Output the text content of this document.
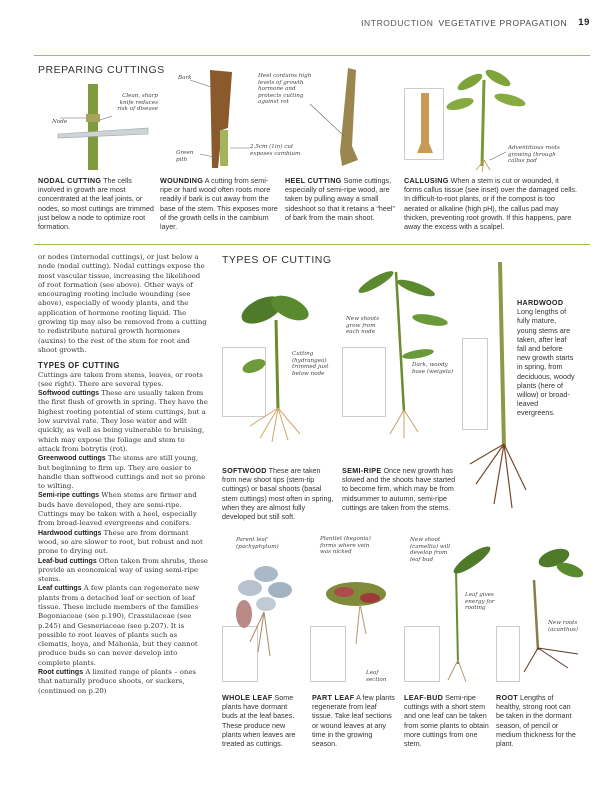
INTRODUCTION VEGETATIVE PROPAGATION 19
PREPARING CUTTINGS
Node
Clean, sharp knife reduces risk of disease
Bark
Green pith
2.5cm (1in) cut exposes cambium
Heel contains high levels of growth hormone and protects cutting against rot
Adventitious roots growing through callus pad
NODAL CUTTING The cells involved in growth are most concentrated at the leaf joints, or nodes, so most cuttings are trimmed just below a node to optimize root formation.
WOUNDING A cutting from semi-ripe or hard wood often roots more readily if bark is cut away from the base of the stem. This exposes more of the growth cells in the cambium layer.
HEEL CUTTING Some cuttings, especially of semi-ripe wood, are taken by pulling away a small sideshoot so that it retains a “heel” of bark from the main shoot.
CALLUSING When a stem is cut or wounded, it forms callus tissue (see inset) over the damaged cells. In difficult-to-root plants, or if the compost is too aerated or alkaline (high pH), the callus pad may thicken, preventing root growth. If this happens, pare away the excess with a scalpel.

or nodes (internodal cuttings), or just below a node (nodal cutting). Nodal cuttings expose the most vascular tissue, increasing the likelihood of root formation (see above). Other ways of encouraging rooting include wounding (see above), especially of woody plants, and the application of hormone rooting liquid. The growing tip may also be removed from a cutting to redistribute natural growth hormones (auxins) to the rest of the stem for root and shoot growth.

TYPES OF CUTTING

Cuttings are taken from stems, leaves, or roots (see right). There are several types.

Softwood cuttings These are usually taken from the first flush of growth in spring. They have the highest rooting potential of stem cuttings, but a low survival rate. They lose water and wilt quickly, as well as being vulnerable to bruising, which may expose the foliage and stem to attack from botrytis (rot).

Greenwood cuttings The stems are still young, but beginning to firm up. They are easier to handle than softwood cuttings and not so prone to wilting.

Semi-ripe cuttings When stems are firmer and buds have developed, they are semi-ripe. Cuttings may be taken with a heel, especially from broad-leaved evergreens and conifers.

Hardwood cuttings These are from dormant wood, so are slower to root, but robust and not prone to drying out.

Leaf-bud cuttings Often taken from shrubs, these provide an economical way of using semi-ripe stems.

Leaf cuttings A few plants can regenerate new plants from a detached leaf or section of leaf tissue. These include members of the families Begoniaceae (see p.190), Crassulaceae (see p.245) and Gesneriaceae (see p.207). It is possible to root leaves of plants such as clematis, hoya, and Mahonia, but they cannot produce buds so can never develop into complete plants.

Root cuttings A limited range of plants – ones that naturally produce shoots, or suckers, (continued on p.20)

TYPES OF CUTTING
Cutting (hydrangea) trimmed just below node
New shoots grow from each node
Dark, woody base (weigela)
HARDWOOD
Long lengths of fully mature, young stems are taken, after leaf fall and before new growth starts in spring, from deciduous, woody plants (here of willow) or broad-leaved evergreens.
SOFTWOOD These are taken from new shoot tips (stem-tip cuttings) or basal shoots (basal stem cuttings) most often in spring, when they are almost fully developed but still soft.
SEMI-RIPE Once new growth has slowed and the shoots have started to become firm, which may be from midsummer to autumn, semi-ripe cuttings are taken from the stems.
Parent leaf (pachyphytum)
Plantlet (begonia) forms where vein was nicked
Leaf section
New shoot (camellia) will develop from leaf bud
Leaf gives energy for rooting
New roots (acanthus)
WHOLE LEAF Some plants have dormant buds at the leaf bases. These produce new plants when leaves are treated as cuttings.
PART LEAF A few plants regenerate from leaf tissue. Take leaf sections or wound leaves at any time in the growing season.
LEAF-BUD Semi-ripe cuttings with a short stem and one leaf can be taken from some plants to obtain more cuttings from one stem.
ROOT Lengths of healthy, strong root can be taken in the dormant season, of pencil or medium thickness for the plant.
